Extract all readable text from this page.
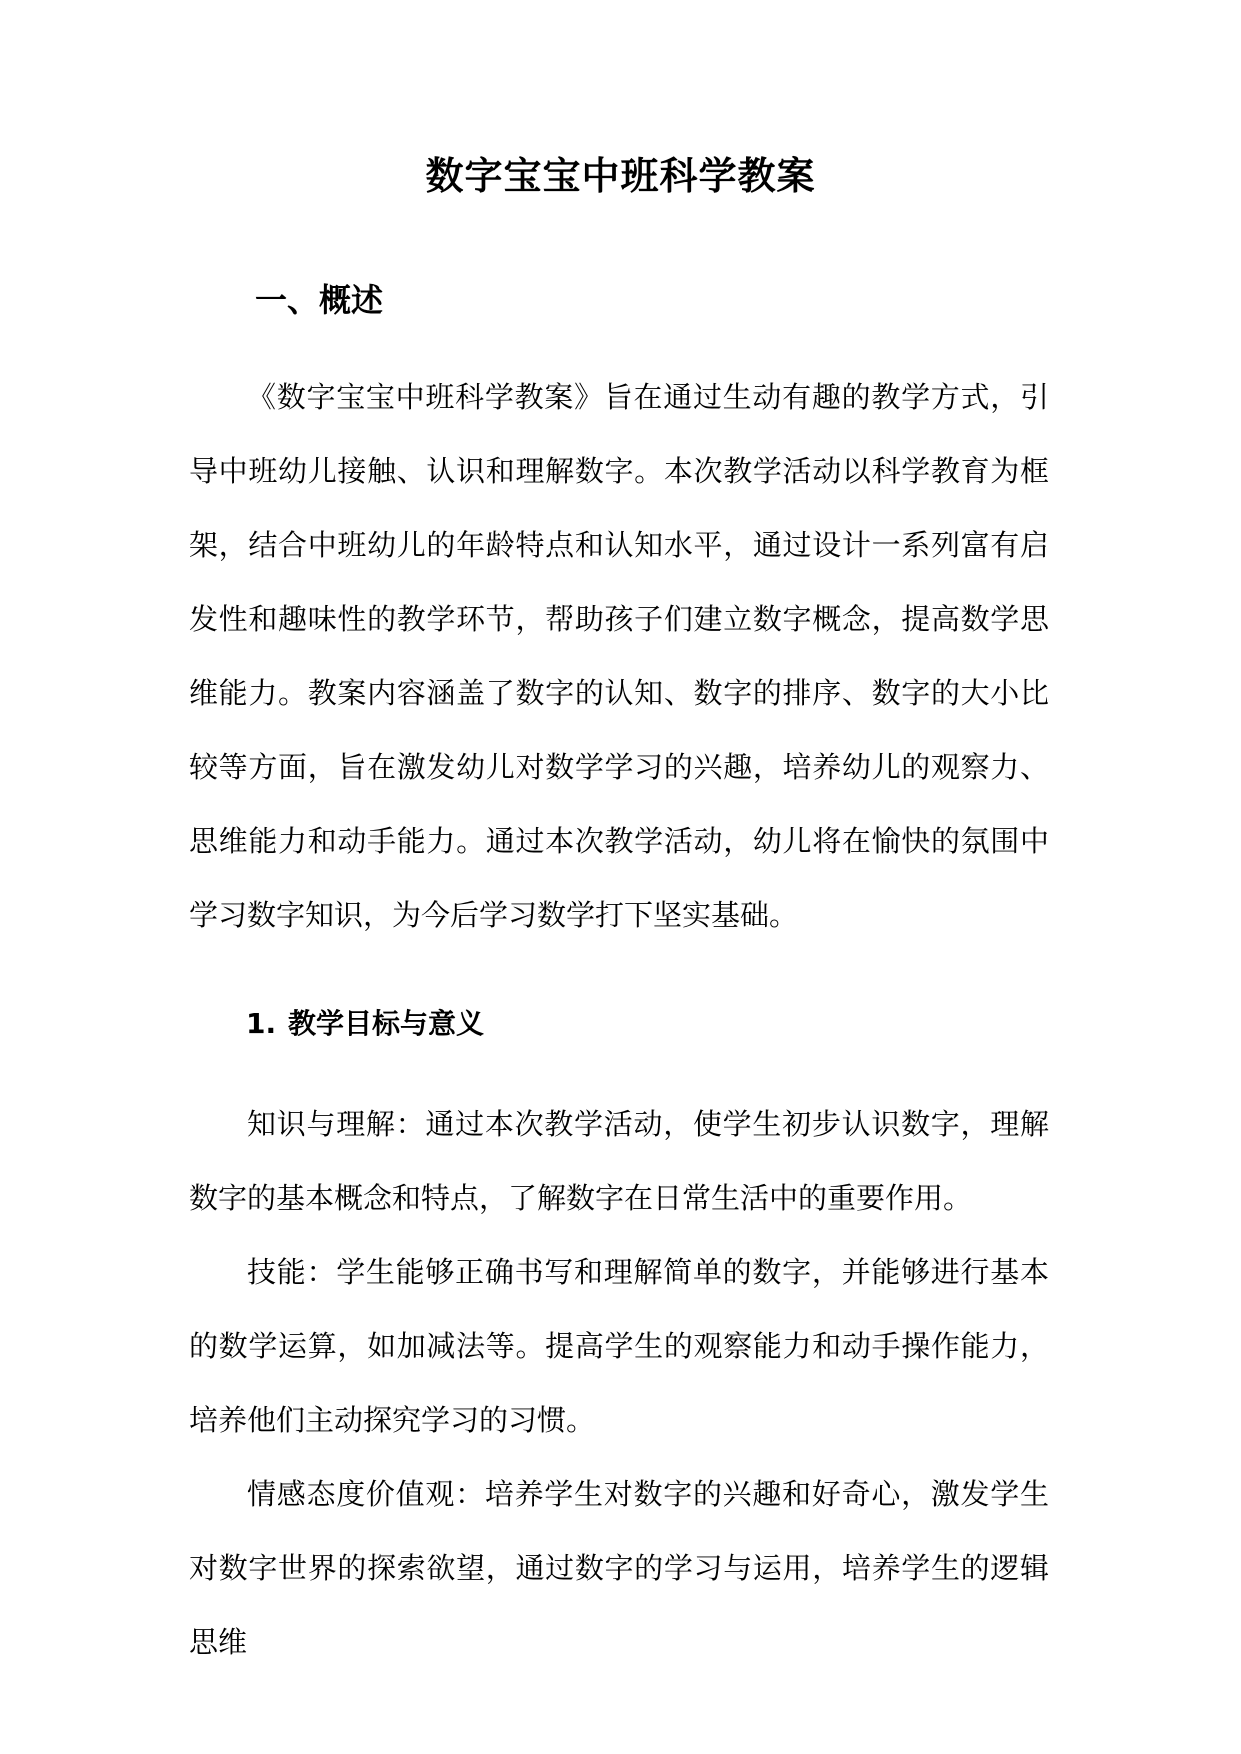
数字宝宝中班科学教案
一、概述

《数字宝宝中班科学教案》旨在通过生动有趣的教学方式，引导中班幼儿接触、认识和理解数字。本次教学活动以科学教育为框架，结合中班幼儿的年龄特点和认知水平，通过设计一系列富有启发性和趣味性的教学环节，帮助孩子们建立数字概念，提高数学思维能力。教案内容涵盖了数字的认知、数字的排序、数字的大小比较等方面，旨在激发幼儿对数学学习的兴趣，培养幼儿的观察力、思维能力和动手能力。通过本次教学活动，幼儿将在愉快的氛围中学习数字知识，为今后学习数学打下坚实基础。

1. 教学目标与意义

知识与理解：通过本次教学活动，使学生初步认识数字，理解数字的基本概念和特点，了解数字在日常生活中的重要作用。

技能：学生能够正确书写和理解简单的数字，并能够进行基本的数学运算，如加减法等。提高学生的观察能力和动手操作能力，培养他们主动探究学习的习惯。

情感态度价值观：培养学生对数字的兴趣和好奇心，激发学生对数字世界的探索欲望，通过数字的学习与运用，培养学生的逻辑思维
